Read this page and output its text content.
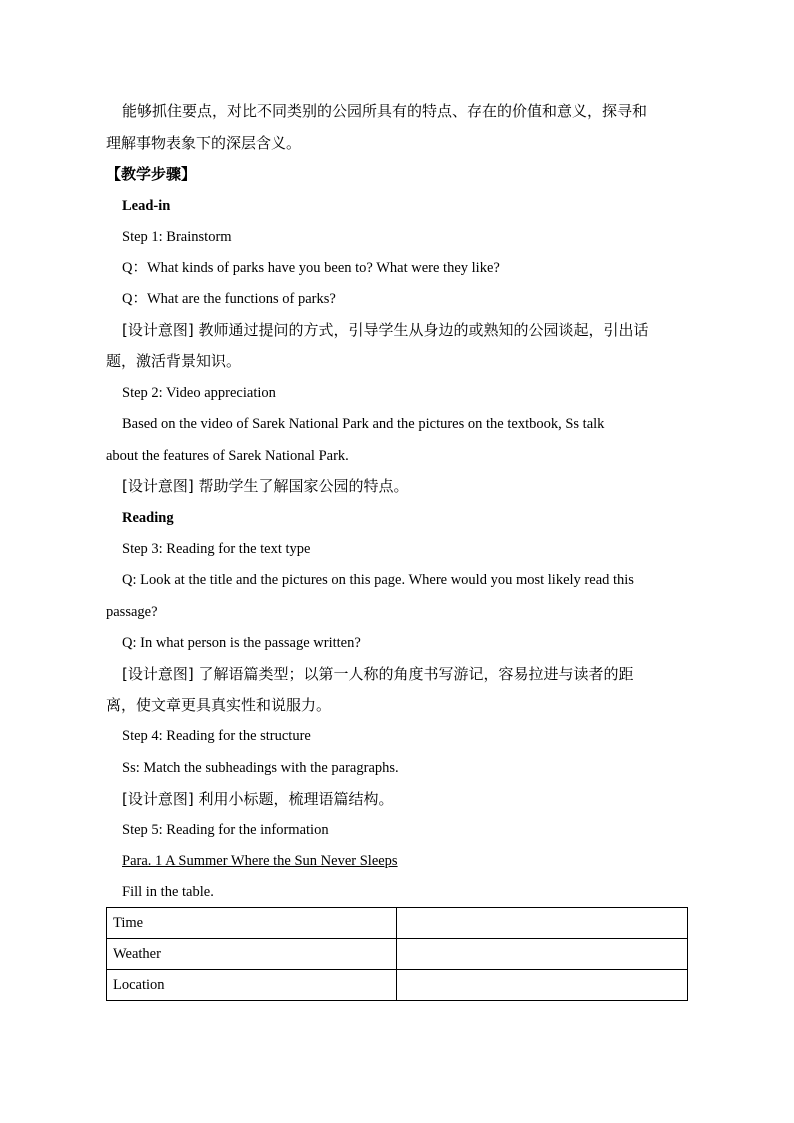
能够抓住要点，对比不同类别的公园所具有的特点、存在的价值和意义，探寻和
理解事物表象下的深层含义。
【教学步骤】
Lead-in
Step 1: Brainstorm
Q：What kinds of parks have you been to? What were they like?
Q：What are the functions of parks?
[设计意图] 教师通过提问的方式，引导学生从身边的或熟知的公园谈起，引出话
题，激活背景知识。
Step 2: Video appreciation
Based on the video of Sarek National Park and the pictures on the textbook, Ss talk
about the features of Sarek National Park.
[设计意图] 帮助学生了解国家公园的特点。
Reading
Step 3: Reading for the text type
Q: Look at the title and the pictures on this page. Where would you most likely read this
passage?
Q: In what person is the passage written?
[设计意图] 了解语篇类型；以第一人称的角度书写游记，容易拉进与读者的距
离，使文章更具真实性和说服力。
Step 4: Reading for the structure
Ss: Match the subheadings with the paragraphs.
[设计意图] 利用小标题，梳理语篇结构。
Step 5: Reading for the information
Para. 1 A Summer Where the Sun Never Sleeps
Fill in the table.
Time	
Weather	
Location	
